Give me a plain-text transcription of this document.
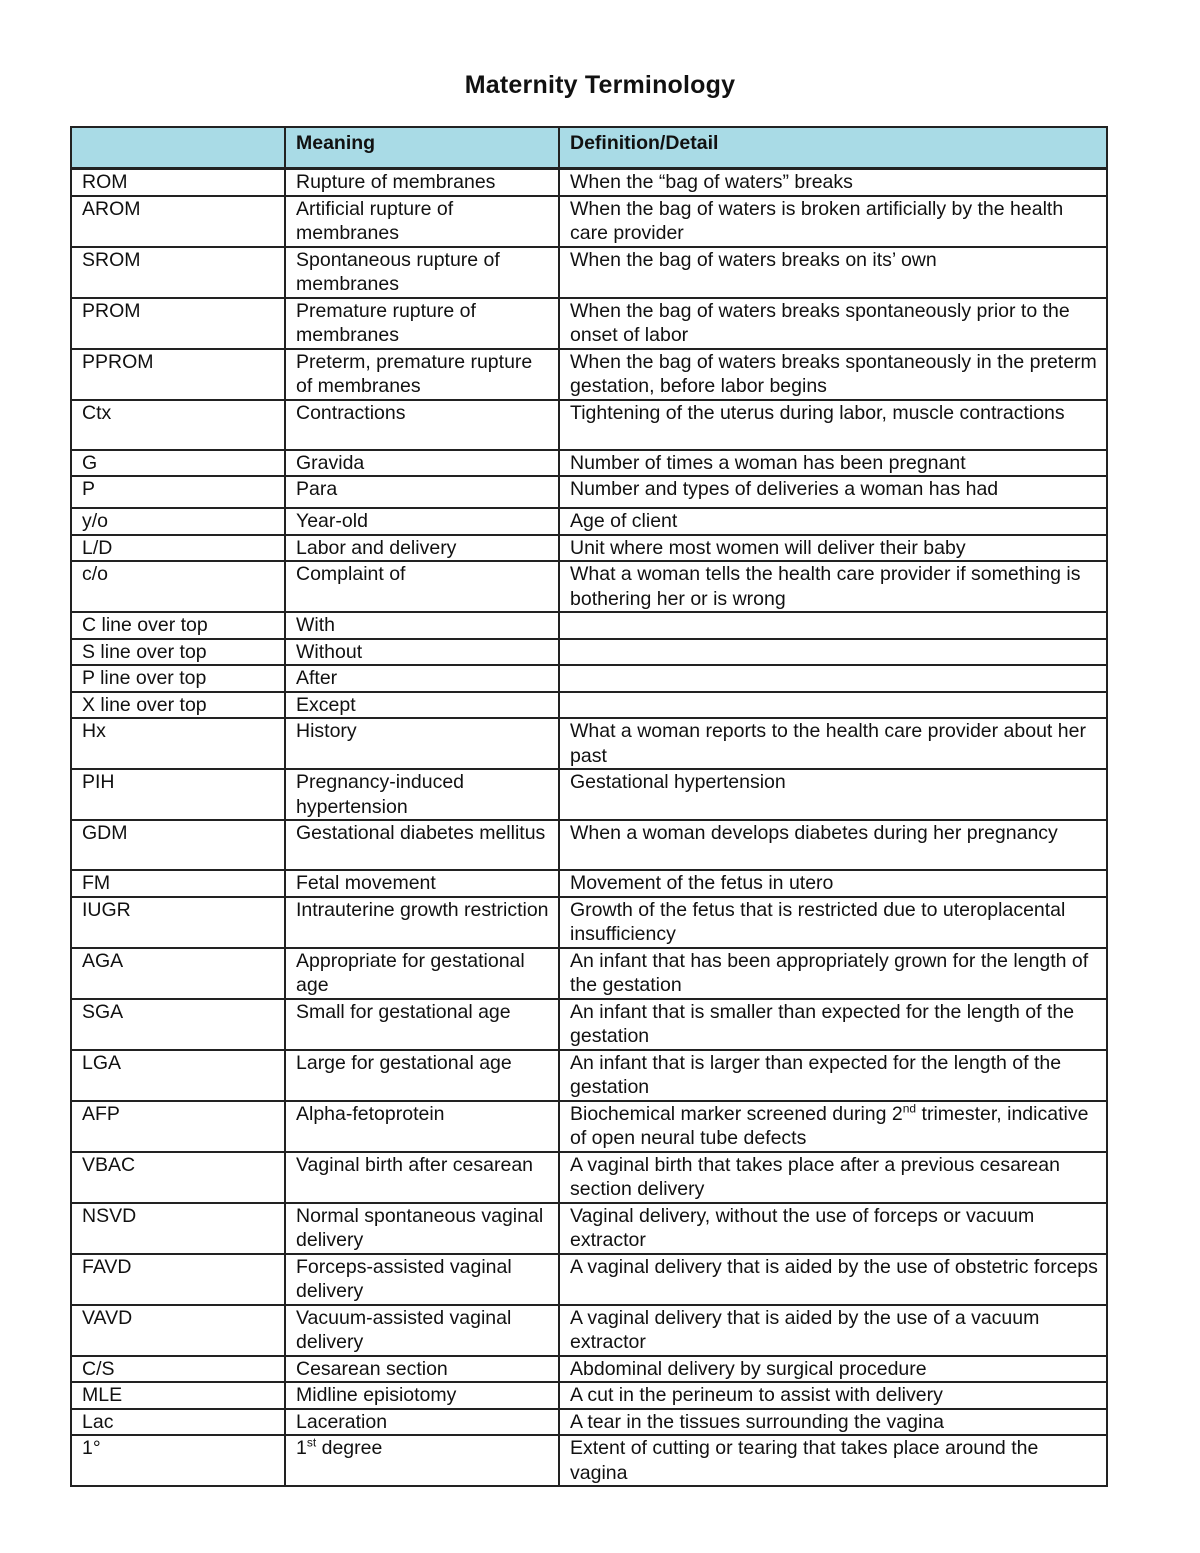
Maternity Terminology
	Meaning	Definition/Detail
ROM	Rupture of membranes	When the “bag of waters” breaks
AROM	Artificial rupture of membranes	When the bag of waters is broken artificially by the health care provider
SROM	Spontaneous rupture of membranes	When the bag of waters breaks on its’ own
PROM	Premature rupture of membranes	When the bag of waters breaks spontaneously prior to the onset of labor
PPROM	Preterm, premature rupture of membranes	When the bag of waters breaks spontaneously in the preterm gestation, before labor begins
Ctx	Contractions	Tightening of the uterus during labor, muscle contractions
G	Gravida	Number of times a woman has been pregnant
P	Para	Number and types of deliveries a woman has had
y/o	Year-old	Age of client
L/D	Labor and delivery	Unit where most women will deliver their baby
c/o	Complaint of	What a woman tells the health care provider if something is bothering her or is wrong
C line over top	With	
S line over top	Without	
P line over top	After	
X line over top	Except	
Hx	History	What a woman reports to the health care provider about her past
PIH	Pregnancy-induced hypertension	Gestational hypertension
GDM	Gestational diabetes mellitus	When a woman develops diabetes during her pregnancy
FM	Fetal movement	Movement of the fetus in utero
IUGR	Intrauterine growth restriction	Growth of the fetus that is restricted due to uteroplacental insufficiency
AGA	Appropriate for gestational age	An infant that has been appropriately grown for the length of the gestation
SGA	Small for gestational age	An infant that is smaller than expected for the length of the gestation
LGA	Large for gestational age	An infant that is larger than expected for the length of the gestation
AFP	Alpha-fetoprotein	Biochemical marker screened during 2nd trimester, indicative of open neural tube defects
VBAC	Vaginal birth after cesarean	A vaginal birth that takes place after a previous cesarean section delivery
NSVD	Normal spontaneous vaginal delivery	Vaginal delivery, without the use of forceps or vacuum extractor
FAVD	Forceps-assisted vaginal delivery	A vaginal delivery that is aided by the use of obstetric forceps
VAVD	Vacuum-assisted vaginal delivery	A vaginal delivery that is aided by the use of a vacuum extractor
C/S	Cesarean section	Abdominal delivery by surgical procedure
MLE	Midline episiotomy	A cut in the perineum to assist with delivery
Lac	Laceration	A tear in the tissues surrounding the vagina
1°	1st degree	Extent of cutting or tearing that takes place around the vagina
